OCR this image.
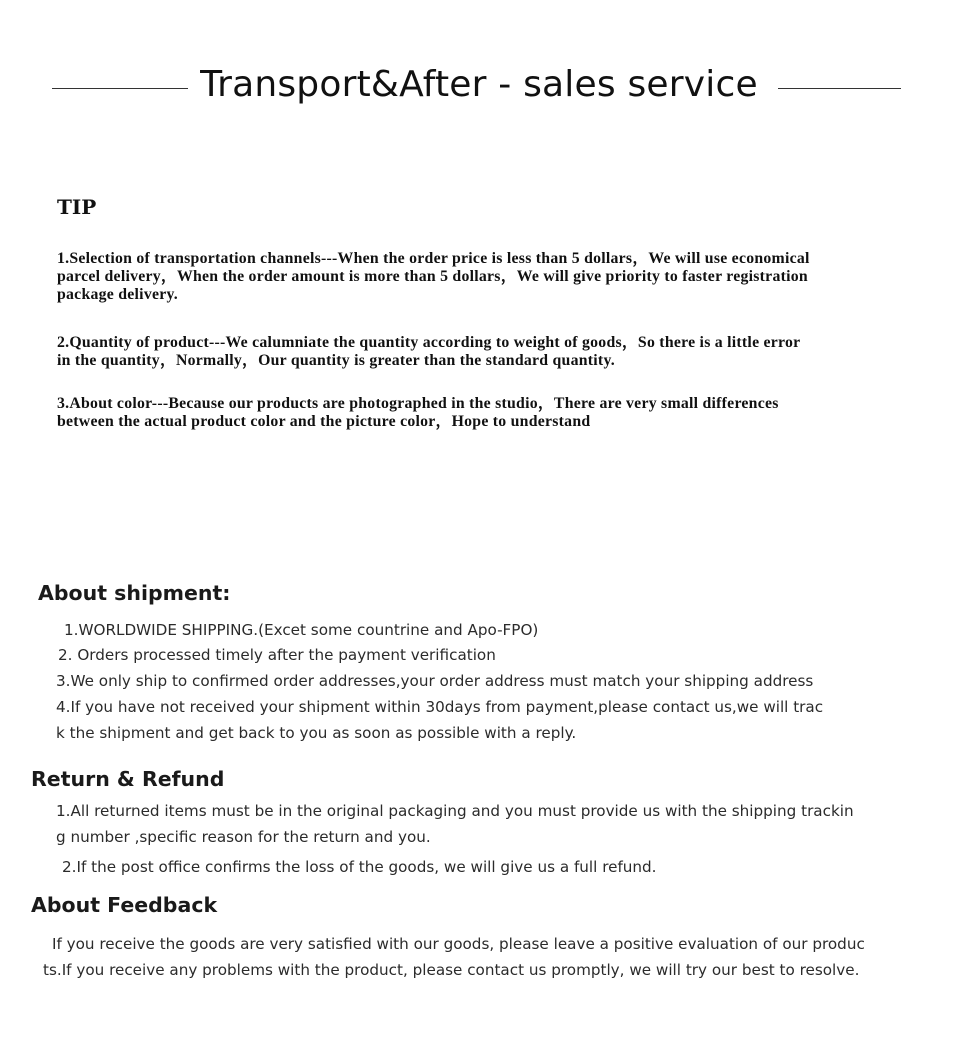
Transport&After - sales service
TIP
1.Selection of transportation channels---When the order price is less than 5 dollars，We will use economical
parcel delivery，When the order amount is more than 5 dollars，We will give priority to faster registration
package delivery.
2.Quantity of product---We calumniate the quantity according to weight of goods，So there is a little error
in the quantity，Normally，Our quantity is greater than the standard quantity.
3.About color---Because our products are photographed in the studio，There are very small differences
between the actual product color and the picture color，Hope to understand
About shipment:
1.WORLDWIDE SHIPPING.(Excet some countrine and Apo-FPO)
2. Orders processed timely after the payment verification
3.We only ship to confirmed order addresses,your order address must match your shipping address
4.If you have not received your shipment within 30days from payment,please contact us,we will trac
k the shipment and get back to you as soon as possible with a reply.
Return & Refund
1.All returned items must be in the original packaging and you must provide us with the shipping trackin
g number ,specific reason for the return and you.
2.If the post office confirms the loss of the goods, we will give us a full refund.
About Feedback
If you receive the goods are very satisfied with our goods, please leave a positive evaluation of our produc
ts.If you receive any problems with the product, please contact us promptly, we will try our best to resolve.
